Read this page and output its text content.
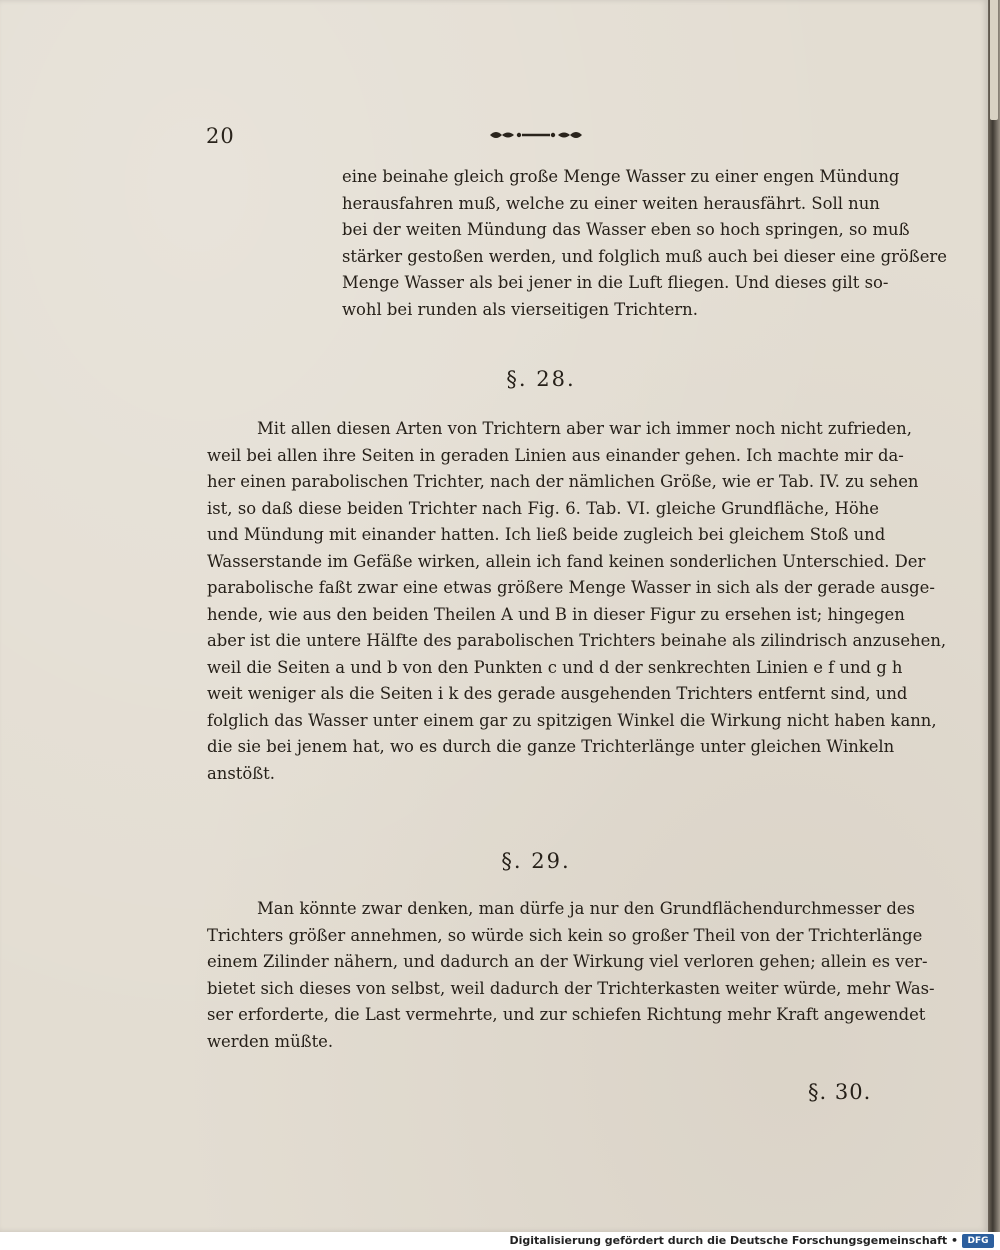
20
eine beinahe gleich große Menge Wasser zu einer engen Mündung
herausfahren muß, welche zu einer weiten herausfährt. Soll nun
bei der weiten Mündung das Wasser eben so hoch springen, so muß
stärker gestoßen werden, und folglich muß auch bei dieser eine größere
Menge Wasser als bei jener in die Luft fliegen. Und dieses gilt so-
wohl bei runden als vierseitigen Trichtern.
§. 28.
Mit allen diesen Arten von Trichtern aber war ich immer noch nicht zufrieden,
weil bei allen ihre Seiten in geraden Linien aus einander gehen. Ich machte mir da-
her einen parabolischen Trichter, nach der nämlichen Größe, wie er Tab. IV. zu sehen
ist, so daß diese beiden Trichter nach Fig. 6. Tab. VI. gleiche Grundfläche, Höhe
und Mündung mit einander hatten. Ich ließ beide zugleich bei gleichem Stoß und
Wasserstande im Gefäße wirken, allein ich fand keinen sonderlichen Unterschied. Der
parabolische faßt zwar eine etwas größere Menge Wasser in sich als der gerade ausge-
hende, wie aus den beiden Theilen A und B in dieser Figur zu ersehen ist; hingegen
aber ist die untere Hälfte des parabolischen Trichters beinahe als zilindrisch anzusehen,
weil die Seiten a und b von den Punkten c und d der senkrechten Linien e f und g h
weit weniger als die Seiten i k des gerade ausgehenden Trichters entfernt sind, und
folglich das Wasser unter einem gar zu spitzigen Winkel die Wirkung nicht haben kann,
die sie bei jenem hat, wo es durch die ganze Trichterlänge unter gleichen Winkeln
anstößt.
§. 29.
Man könnte zwar denken, man dürfe ja nur den Grundflächendurchmesser des
Trichters größer annehmen, so würde sich kein so großer Theil von der Trichterlänge
einem Zilinder nähern, und dadurch an der Wirkung viel verloren gehen; allein es ver-
bietet sich dieses von selbst, weil dadurch der Trichterkasten weiter würde, mehr Was-
ser erforderte, die Last vermehrte, und zur schiefen Richtung mehr Kraft angewendet
werden müßte.
§. 30.
Digitalisierung gefördert durch die Deutsche Forschungsgemeinschaft •	DFG
